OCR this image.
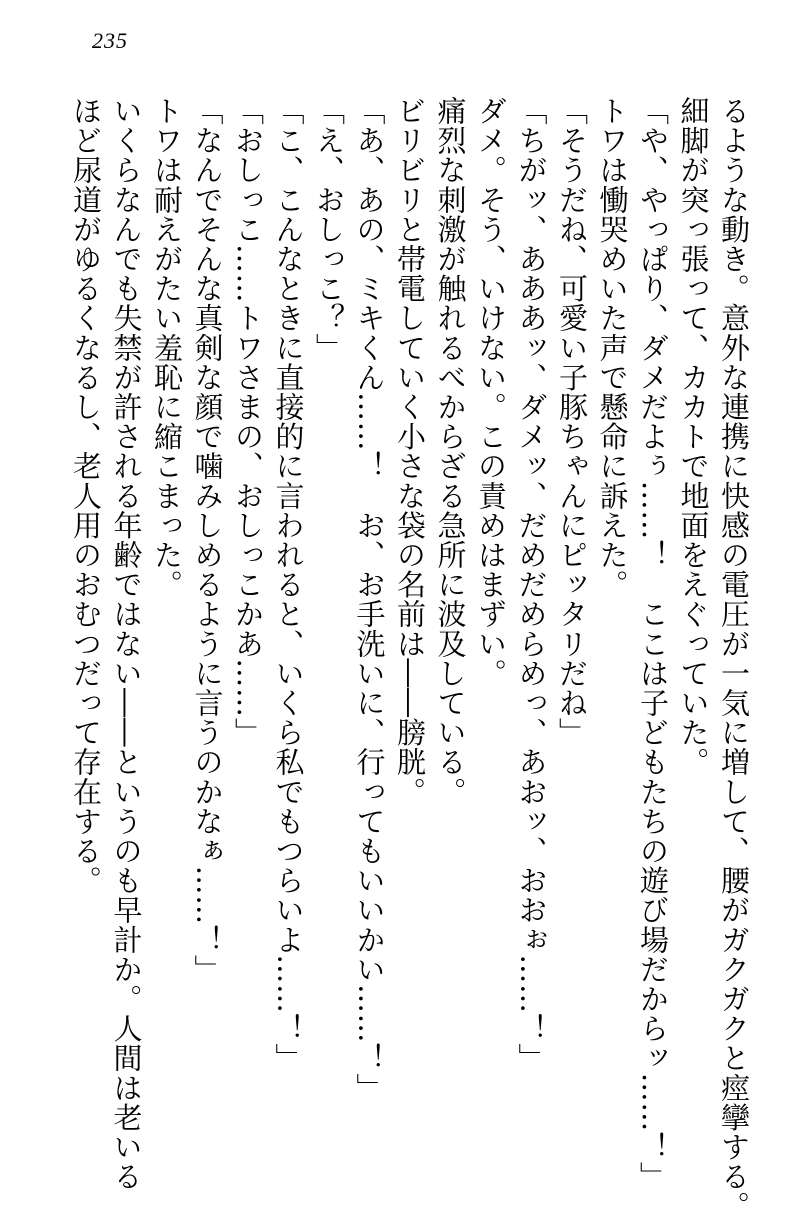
235
るような動き。意外な連携に快感の電圧が一気に増して、腰がガクガクと痙攣する。
細脚が突っ張って、カカトで地面をえぐっていた。
「や、やっぱり、ダメだよぅ……！　ここは子どもたちの遊び場だからッ……！」
トワは慟哭めいた声で懸命に訴えた。
「そうだね、可愛い子豚ちゃんにピッタリだね」
「ちがッ、あああッ、ダメッ、だめだめらめっ、あおッ、おおぉ……！」
ダメ。そう、いけない。この責めはまずい。
痛烈な刺激が触れるべからざる急所に波及している。
ビリビリと帯電していく小さな袋の名前は――膀胱。
「あ、あの、ミキくん……！　お、お手洗いに、行ってもいいかい……！」
「え、おしっこ？」
「こ、こんなときに直接的に言われると、いくら私でもつらいよ……！」
「おしっこ……トワさまの、おしっこかあ……」
「なんでそんな真剣な顔で噛みしめるように言うのかなぁ……！」
トワは耐えがたい羞恥に縮こまった。
いくらなんでも失禁が許される年齢ではない――というのも早計か。人間は老いる
ほど尿道がゆるくなるし、老人用のおむつだって存在する。
